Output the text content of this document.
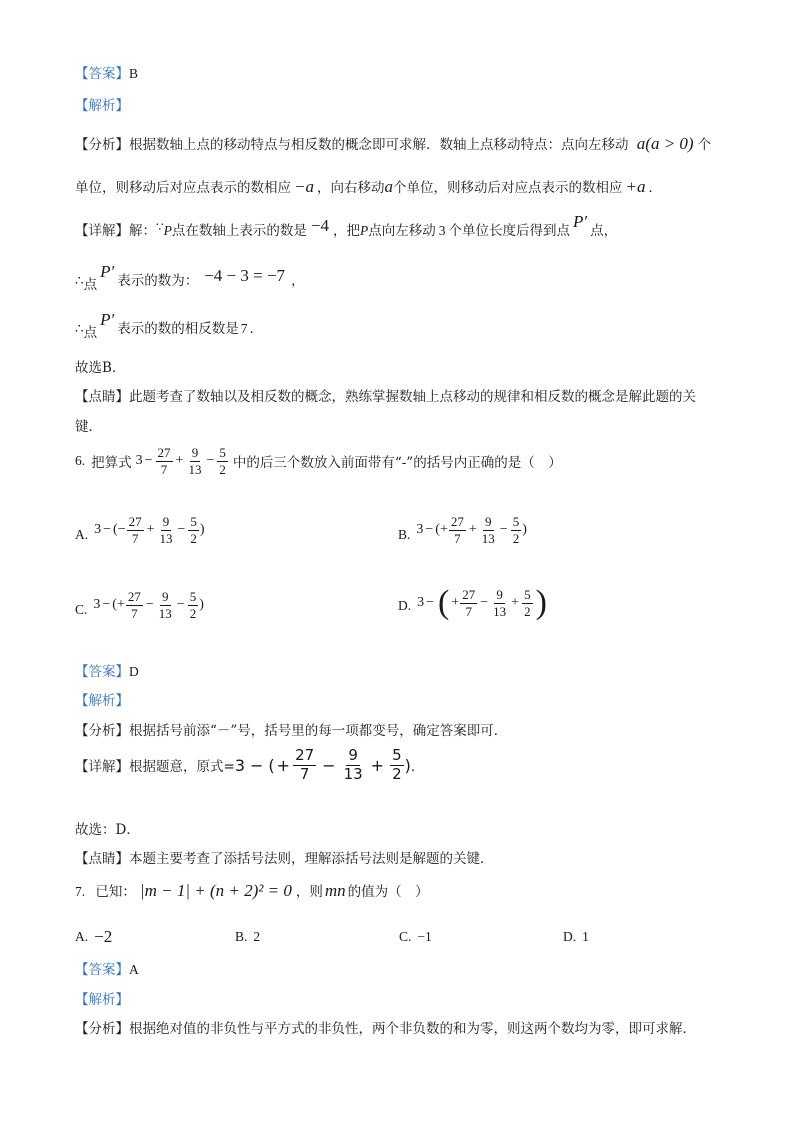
【答案】B
【解析】
【分析】根据数轴上点的移动特点与相反数的概念即可求解．数轴上点移动特点：点向左移动 a(a > 0) 个
单位，则移动后对应点表示的数相应 −a ，向右移动a个单位，则移动后对应点表示的数相应 +a ．
【详解】解：∵P点在数轴上表示的数是 −4 ，把P点向左移动 3 个单位长度后得到点 P′ 点，
∴点P′ 表示的数为： −4 − 3 = −7 ，
∴点P′ 表示的数的相反数是 7 ．
故选B．
【点睛】此题考查了数轴以及相反数的概念，熟练掌握数轴上点移动的规律和相反数的概念是解此题的关
键．
6. 把算式 $3 - \frac{27}{7} + \frac{9}{13} - \frac{5}{2}$ 中的后三个数放入前面带有“-”的括号内正确的是（　）
A. 3 − ( − $\frac{27}{7} + \frac{9}{13} - \frac{5}{2}$ )	B. 3 − ( + $\frac{27}{7} + \frac{9}{13} - \frac{5}{2}$ )
C. 3 − ( + $\frac{27}{7} - \frac{9}{13} - \frac{5}{2}$ )	D. 3 − ( + $\frac{27}{7} - \frac{9}{13} + \frac{5}{2}$ )
【答案】D
【解析】
【分析】根据括号前添“－”号，括号里的每一项都变号，确定答案即可．
【详解】 根据题意，原式= 3 − ( + $\frac{27}{7} - \frac{9}{13} + \frac{5}{2}$ ) ．
故选：D．
【点睛】本题主要考查了添括号法则，理解添括号法则是解题的关键．
7. 已知： |m − 1| + (n + 2)² = 0 ，则 mn 的值为（　）
A. −2	B. 2	C. −1	D. 1
【答案】A
【解析】
【分析】根据绝对值的非负性与平方式的非负性，两个非负数的和为零，则这两个数均为零，即可求解．
